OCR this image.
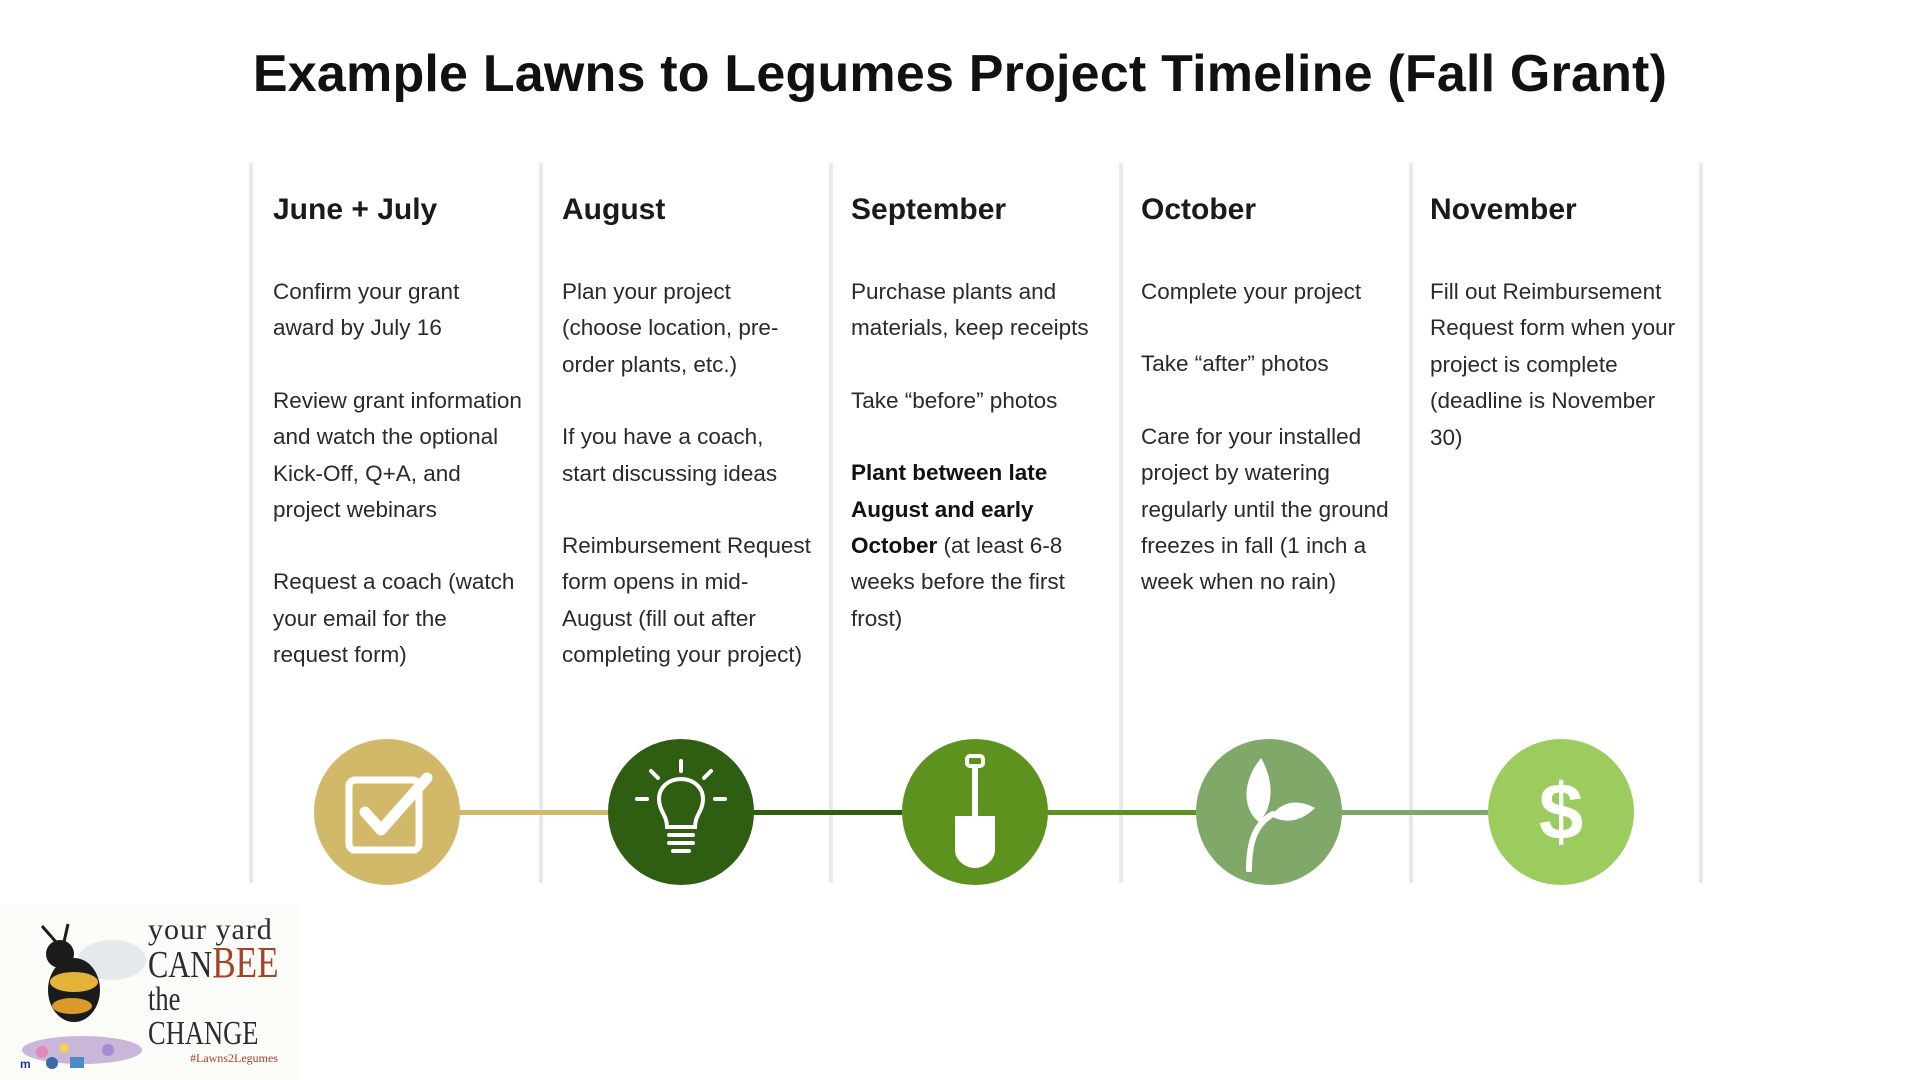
Example Lawns to Legumes Project Timeline (Fall Grant)
June + July
Confirm your grant award by July 16
Review grant information and watch the optional Kick-Off, Q+A, and project webinars
Request a coach (watch your email for the request form)
August
Plan your project (choose location, pre-order plants, etc.)
If you have a coach, start discussing ideas
Reimbursement Request form opens in mid-August (fill out after completing your project)
September
Purchase plants and materials, keep receipts
Take “before” photos
Plant between late August and early October (at least 6-8 weeks before the first frost)
October
Complete your project
Take “after” photos
Care for your installed project by watering regularly until the ground freezes in fall (1 inch a week when no rain)
November
Fill out Reimbursement Request form when your project is complete (deadline is November 30)
$
m
your yard
CANBEE
the CHANGE
#Lawns2Legumes
